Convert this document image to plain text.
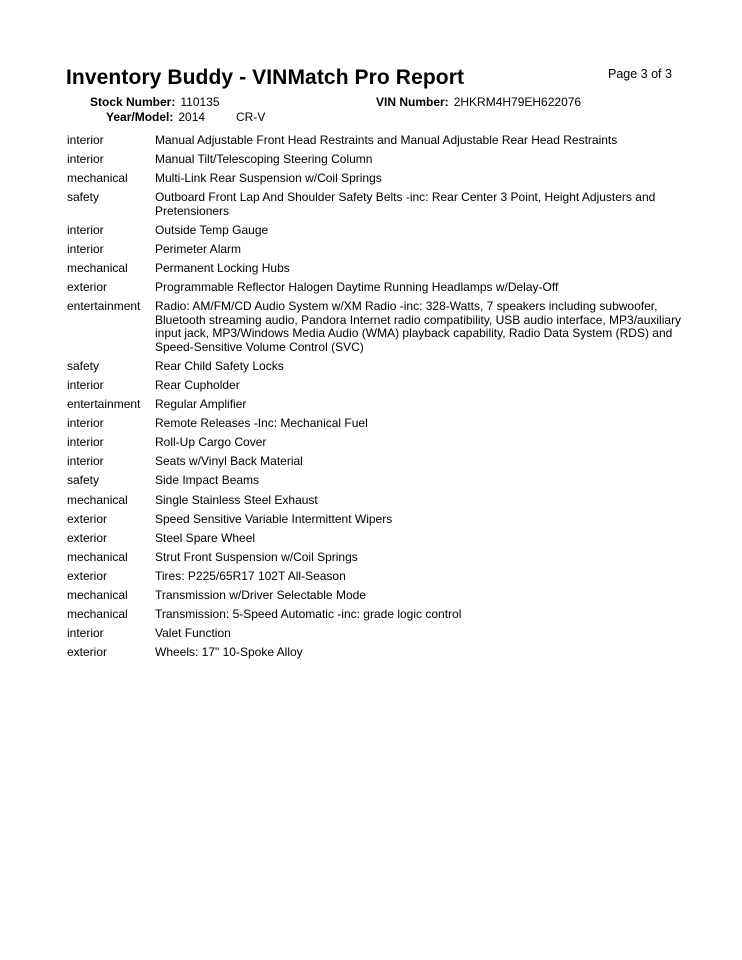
Inventory Buddy - VINMatch Pro Report	Page 3 of 3
Stock Number: 110135	VIN Number: 2HKRM4H79EH622076
Year/Model: 2014	CR-V
interior	Manual Adjustable Front Head Restraints and Manual Adjustable Rear Head Restraints
interior	Manual Tilt/Telescoping Steering Column
mechanical	Multi-Link Rear Suspension w/Coil Springs
safety	Outboard Front Lap And Shoulder Safety Belts -inc: Rear Center 3 Point, Height Adjusters and Pretensioners
interior	Outside Temp Gauge
interior	Perimeter Alarm
mechanical	Permanent Locking Hubs
exterior	Programmable Reflector Halogen Daytime Running Headlamps w/Delay-Off
entertainment	Radio: AM/FM/CD Audio System w/XM Radio -inc: 328-Watts, 7 speakers including subwoofer, Bluetooth streaming audio, Pandora Internet radio compatibility, USB audio interface, MP3/auxiliary input jack, MP3/Windows Media Audio (WMA) playback capability, Radio Data System (RDS) and Speed-Sensitive Volume Control (SVC)
safety	Rear Child Safety Locks
interior	Rear Cupholder
entertainment	Regular Amplifier
interior	Remote Releases -Inc: Mechanical Fuel
interior	Roll-Up Cargo Cover
interior	Seats w/Vinyl Back Material
safety	Side Impact Beams
mechanical	Single Stainless Steel Exhaust
exterior	Speed Sensitive Variable Intermittent Wipers
exterior	Steel Spare Wheel
mechanical	Strut Front Suspension w/Coil Springs
exterior	Tires: P225/65R17 102T All-Season
mechanical	Transmission w/Driver Selectable Mode
mechanical	Transmission: 5-Speed Automatic -inc: grade logic control
interior	Valet Function
exterior	Wheels: 17" 10-Spoke Alloy
